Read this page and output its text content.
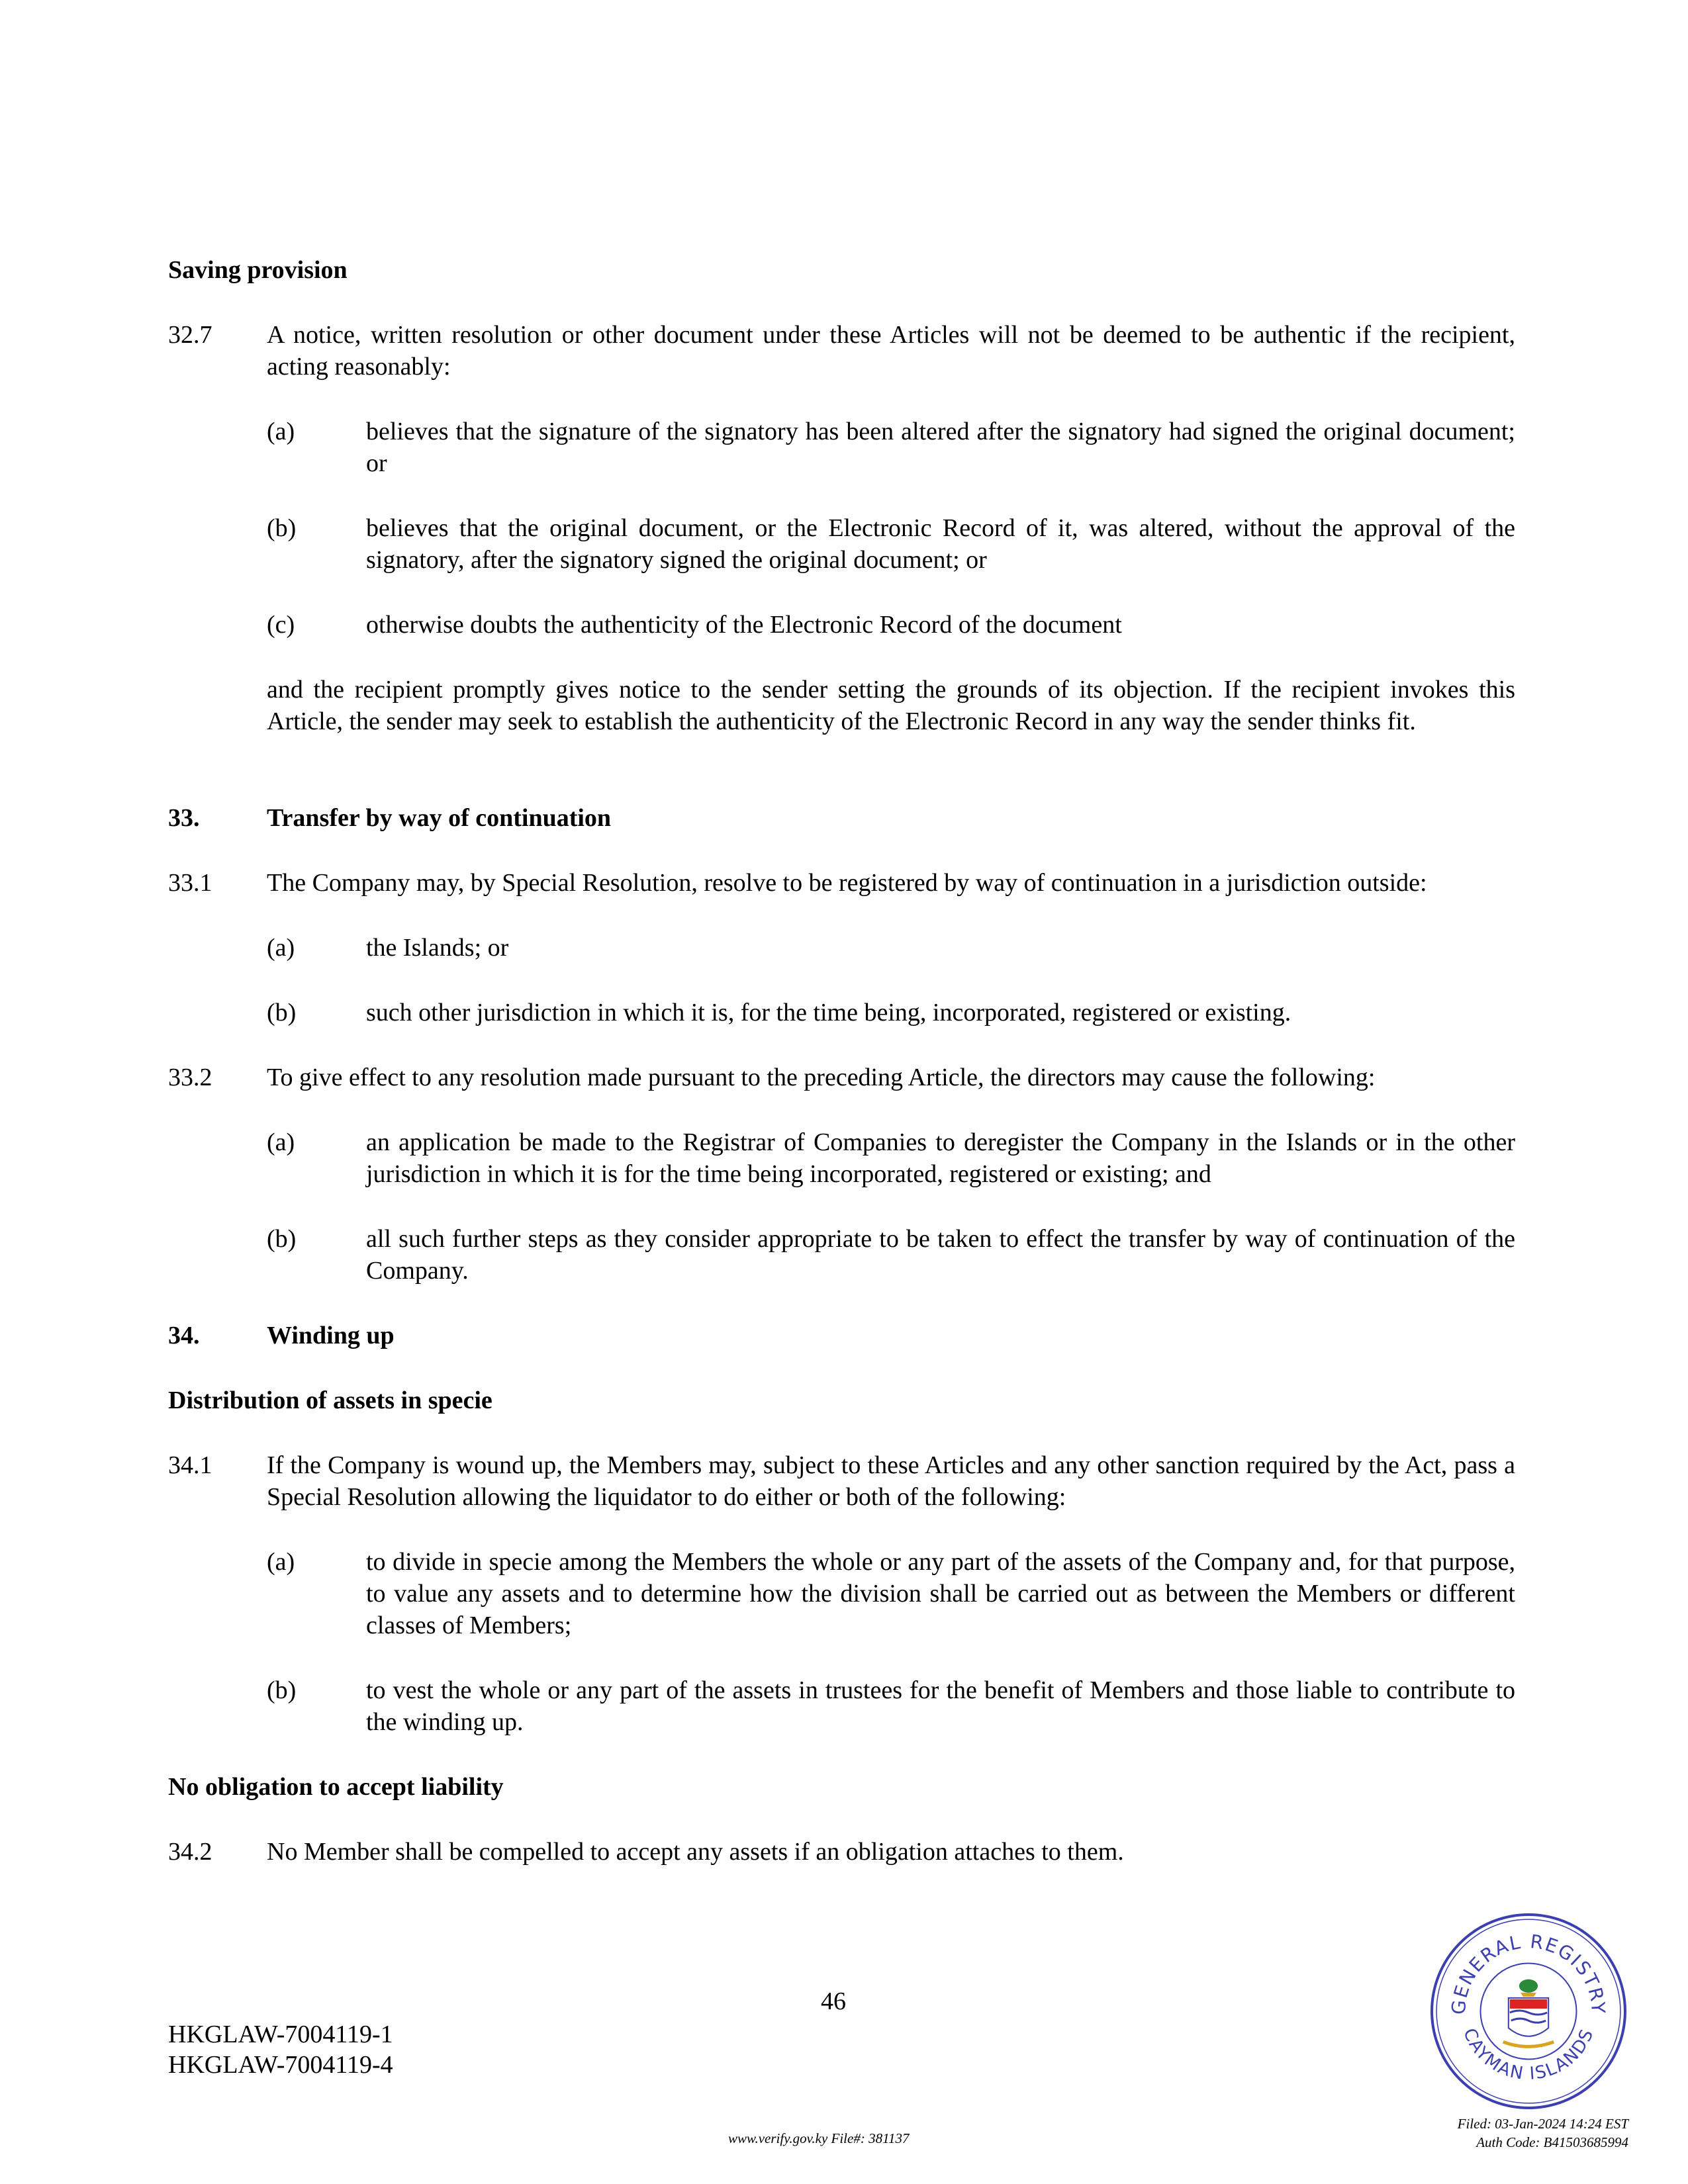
Saving provision
32.7 A notice, written resolution or other document under these Articles will not be deemed to be authentic if the recipient, acting reasonably:
(a)	believes that the signature of the signatory has been altered after the signatory had signed the original document; or
(b)	believes that the original document, or the Electronic Record of it, was altered, without the approval of the signatory, after the signatory signed the original document; or
(c)	otherwise doubts the authenticity of the Electronic Record of the document
and the recipient promptly gives notice to the sender setting the grounds of its objection. If the recipient invokes this Article, the sender may seek to establish the authenticity of the Electronic Record in any way the sender thinks fit.
33.	Transfer by way of continuation
33.1 The Company may, by Special Resolution, resolve to be registered by way of continuation in a jurisdiction outside:
(a)	the Islands; or
(b)	such other jurisdiction in which it is, for the time being, incorporated, registered or existing.
33.2 To give effect to any resolution made pursuant to the preceding Article, the directors may cause the following:
(a)	an application be made to the Registrar of Companies to deregister the Company in the Islands or in the other jurisdiction in which it is for the time being incorporated, registered or existing; and
(b)	all such further steps as they consider appropriate to be taken to effect the transfer by way of continuation of the Company.
34.	Winding up
Distribution of assets in specie
34.1 If the Company is wound up, the Members may, subject to these Articles and any other sanction required by the Act, pass a Special Resolution allowing the liquidator to do either or both of the following:
(a)	to divide in specie among the Members the whole or any part of the assets of the Company and, for that purpose, to value any assets and to determine how the division shall be carried out as between the Members or different classes of Members;
(b)	to vest the whole or any part of the assets in trustees for the benefit of Members and those liable to contribute to the winding up.
No obligation to accept liability
34.2 No Member shall be compelled to accept any assets if an obligation attaches to them.
46
HKGLAW-7004119-1
HKGLAW-7004119-4
www.verify.gov.ky File#: 381137
Filed: 03-Jan-2024 14:24 EST
Auth Code: B41503685994
GENERAL REGISTRY
CAYMAN ISLANDS
